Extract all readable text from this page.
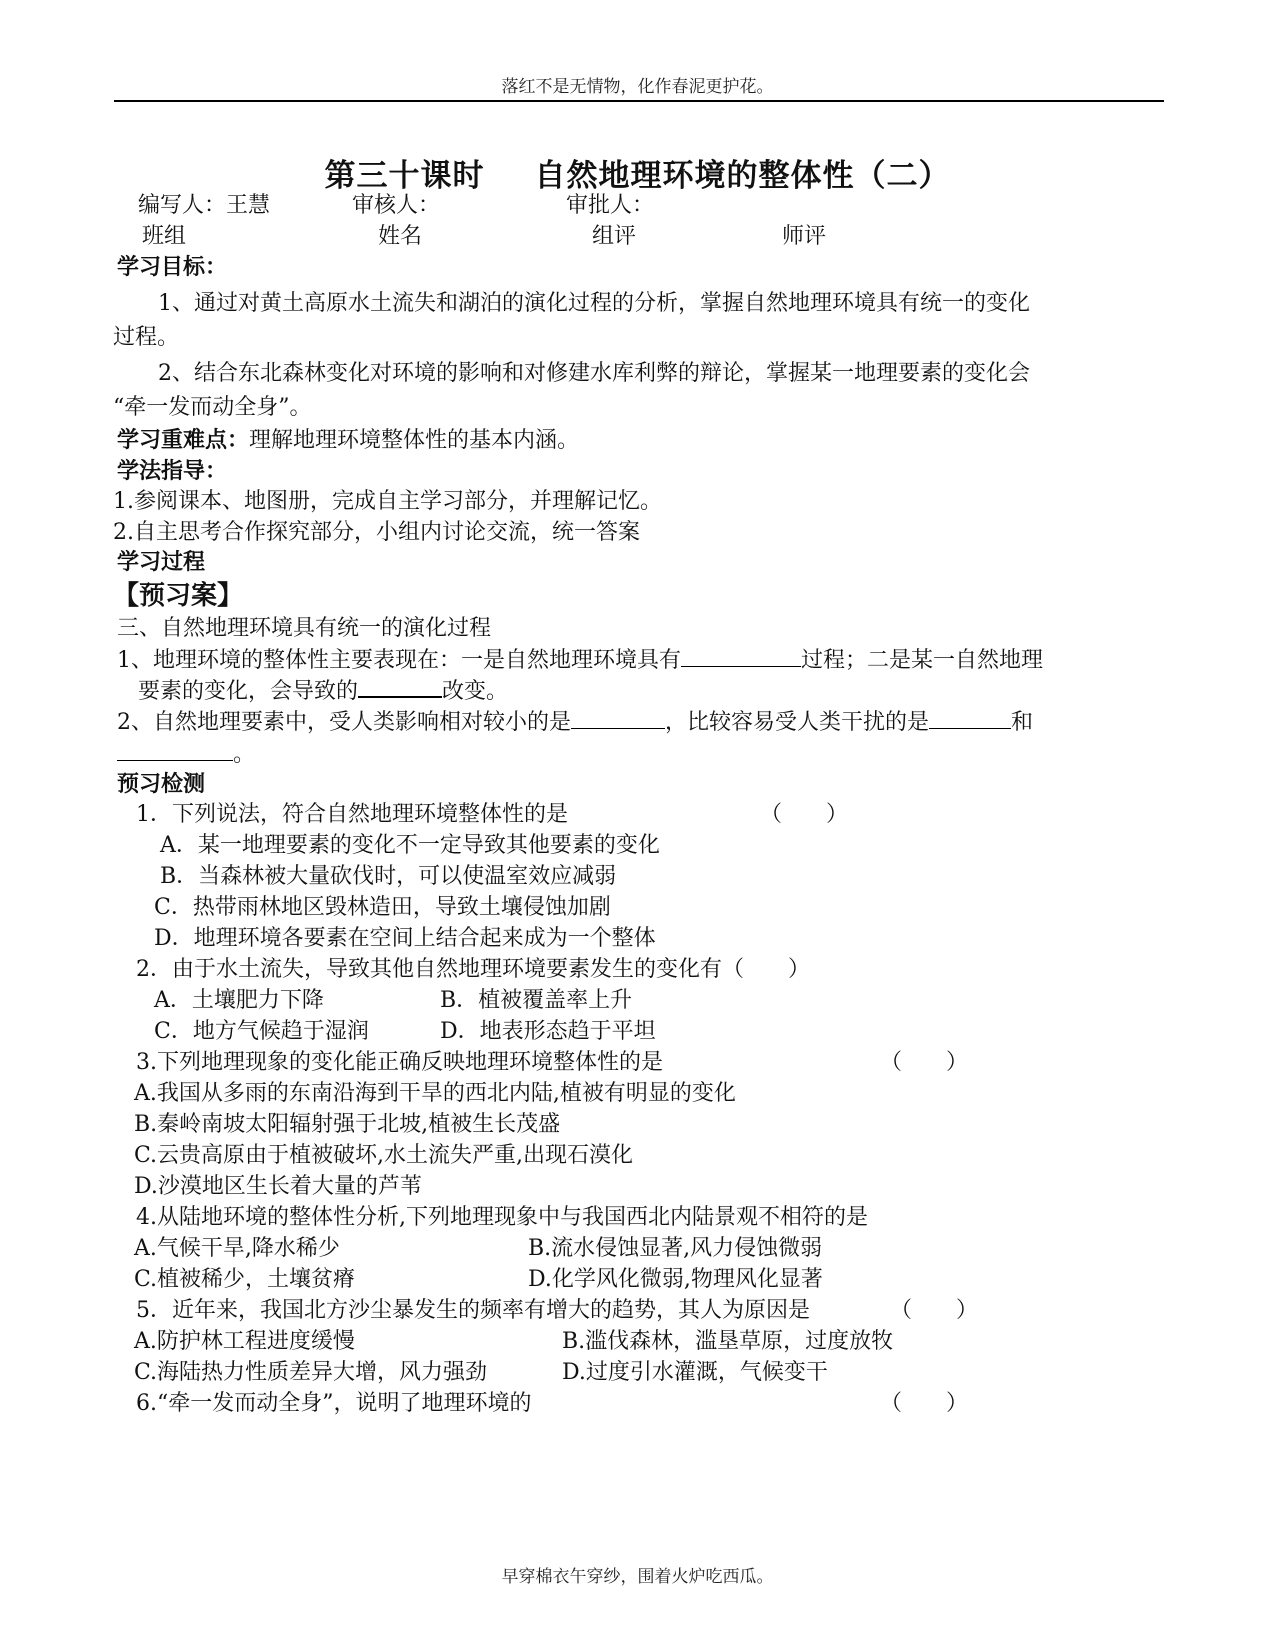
落红不是无情物，化作春泥更护花。
第三十课时 自然地理环境的整体性（二）
编写人：王慧	审核人：	审批人：
班组	姓名	组评	师评
学习目标：
1、通过对黄土高原水土流失和湖泊的演化过程的分析，掌握自然地理环境具有统一的变化
过程。
2、结合东北森林变化对环境的影响和对修建水库利弊的辩论，掌握某一地理要素的变化会
“牵一发而动全身”。
学习重难点：理解地理环境整体性的基本内涵。
学法指导：
1.参阅课本、地图册，完成自主学习部分，并理解记忆。
2.自主思考合作探究部分，小组内讨论交流，统一答案
学习过程
【预习案】
三、自然地理环境具有统一的演化过程
1、地理环境的整体性主要表现在：一是自然地理环境具有	过程；二是某一自然地理
要素的变化，会导致的	改变。
2、自然地理要素中，受人类影响相对较小的是	，比较容易受人类干扰的是	和
。
预习检测
1．下列说法，符合自然地理环境整体性的是	（　　）
A．某一地理要素的变化不一定导致其他要素的变化
B．当森林被大量砍伐时，可以使温室效应减弱
C．热带雨林地区毁林造田，导致土壤侵蚀加剧
D．地理环境各要素在空间上结合起来成为一个整体
2．由于水土流失，导致其他自然地理环境要素发生的变化有（　　）
A．土壤肥力下降	B．植被覆盖率上升
C．地方气候趋于湿润	D．地表形态趋于平坦
3.下列地理现象的变化能正确反映地理环境整体性的是	（　　）
A.我国从多雨的东南沿海到干旱的西北内陆,植被有明显的变化
B.秦岭南坡太阳辐射强于北坡,植被生长茂盛
C.云贵高原由于植被破坏,水土流失严重,出现石漠化
D.沙漠地区生长着大量的芦苇
4.从陆地环境的整体性分析,下列地理现象中与我国西北内陆景观不相符的是
A.气候干旱,降水稀少	B.流水侵蚀显著,风力侵蚀微弱
C.植被稀少，土壤贫瘠	D.化学风化微弱,物理风化显著
5．近年来，我国北方沙尘暴发生的频率有增大的趋势，其人为原因是	（　　）
A.防护林工程进度缓慢	B.滥伐森林，滥垦草原，过度放牧
C.海陆热力性质差异大增，风力强劲	D.过度引水灌溉，气候变干
6.“牵一发而动全身”，说明了地理环境的	（　　）
早穿棉衣午穿纱，围着火炉吃西瓜。
